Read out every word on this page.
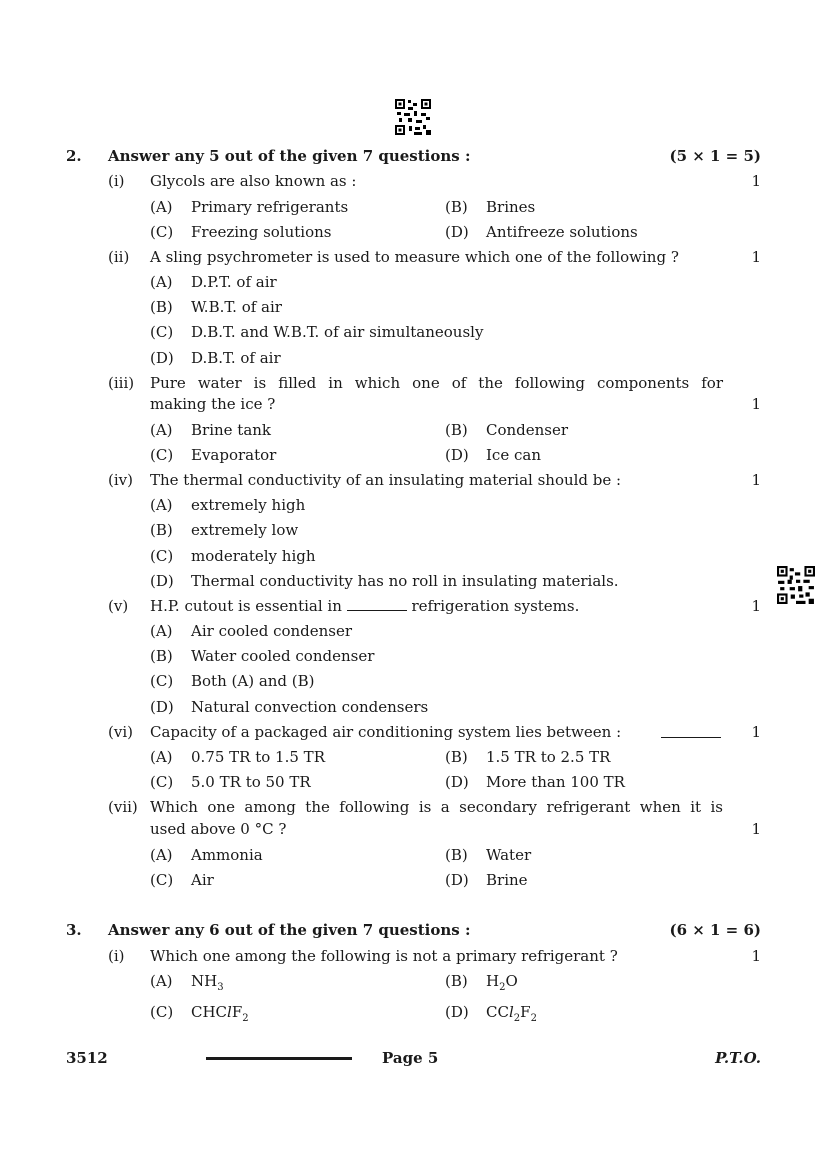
2. Answer any 5 out of the given 7 questions :	(5 × 1 = 5)
(i) Glycols are also known as :	1
(A) Primary refrigerants	(B) Brines
(C) Freezing solutions	(D) Antifreeze solutions
(ii) A sling psychrometer is used to measure which one of the following ?	1
(A) D.P.T. of air
(B) W.B.T. of air
(C) D.B.T. and W.B.T. of air simultaneously
(D) D.B.T. of air
(iii) Pure water is filled in which one of the following components for
making the ice ?	1
(A) Brine tank	(B) Condenser
(C) Evaporator	(D) Ice can
(iv) The thermal conductivity of an insulating material should be :	1
(A) extremely high
(B) extremely low
(C) moderately high
(D) Thermal conductivity has no roll in insulating materials.
(v) H.P. cutout is essential in	refrigeration systems.	1
(A) Air cooled condenser
(B) Water cooled condenser
(C) Both (A) and (B)
(D) Natural convection condensers
(vi) Capacity of a packaged air conditioning system lies between :	1
(A) 0.75 TR to 1.5 TR	(B) 1.5 TR to 2.5 TR
(C) 5.0 TR to 50 TR	(D) More than 100 TR
(vii) Which one among the following is a secondary refrigerant when it is
used above 0 °C ?	1
(A) Ammonia	(B) Water
(C) Air	(D) Brine
3. Answer any 6 out of the given 7 questions :	(6 × 1 = 6)
(i) Which one among the following is not a primary refrigerant ?	1
(A) $NH_3$	(B) $H_2O$
(C) CHClF$_2$	(D) $CCl_2F_2$
3512	Page 5	P.T.O.
